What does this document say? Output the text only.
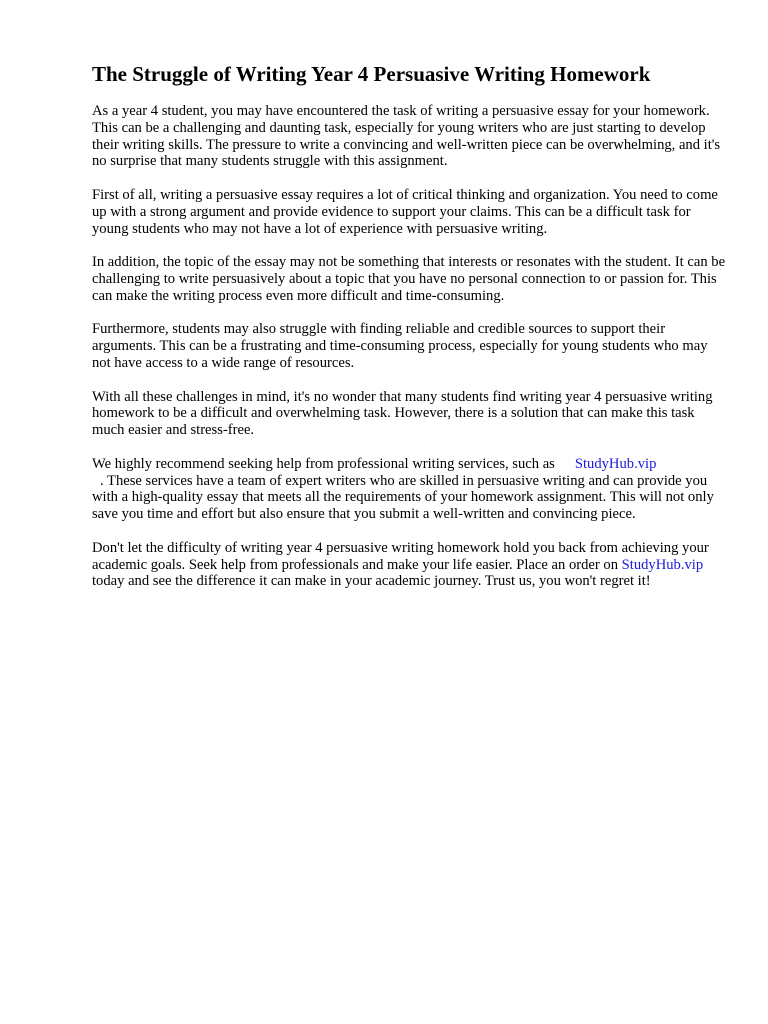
The Struggle of Writing Year 4 Persuasive Writing Homework

As a year 4 student, you may have encountered the task of writing a persuasive essay for your homework. This can be a challenging and daunting task, especially for young writers who are just starting to develop their writing skills. The pressure to write a convincing and well-written piece can be overwhelming, and it's no surprise that many students struggle with this assignment.

First of all, writing a persuasive essay requires a lot of critical thinking and organization. You need to come up with a strong argument and provide evidence to support your claims. This can be a difficult task for young students who may not have a lot of experience with persuasive writing.

In addition, the topic of the essay may not be something that interests or resonates with the student. It can be challenging to write persuasively about a topic that you have no personal connection to or passion for. This can make the writing process even more difficult and time-consuming.

Furthermore, students may also struggle with finding reliable and credible sources to support their arguments. This can be a frustrating and time-consuming process, especially for young students who may not have access to a wide range of resources.

With all these challenges in mind, it's no wonder that many students find writing year 4 persuasive writing homework to be a difficult and overwhelming task. However, there is a solution that can make this task much easier and stress-free.

We highly recommend seeking help from professional writing services, such as StudyHub.vip
. These services have a team of expert writers who are skilled in persuasive writing and can provide you with a high-quality essay that meets all the requirements of your homework assignment. This will not only save you time and effort but also ensure that you submit a well-written and convincing piece.

Don't let the difficulty of writing year 4 persuasive writing homework hold you back from achieving your academic goals. Seek help from professionals and make your life easier. Place an order on StudyHub.viptoday and see the difference it can make in your academic journey. Trust us, you won't regret it!
